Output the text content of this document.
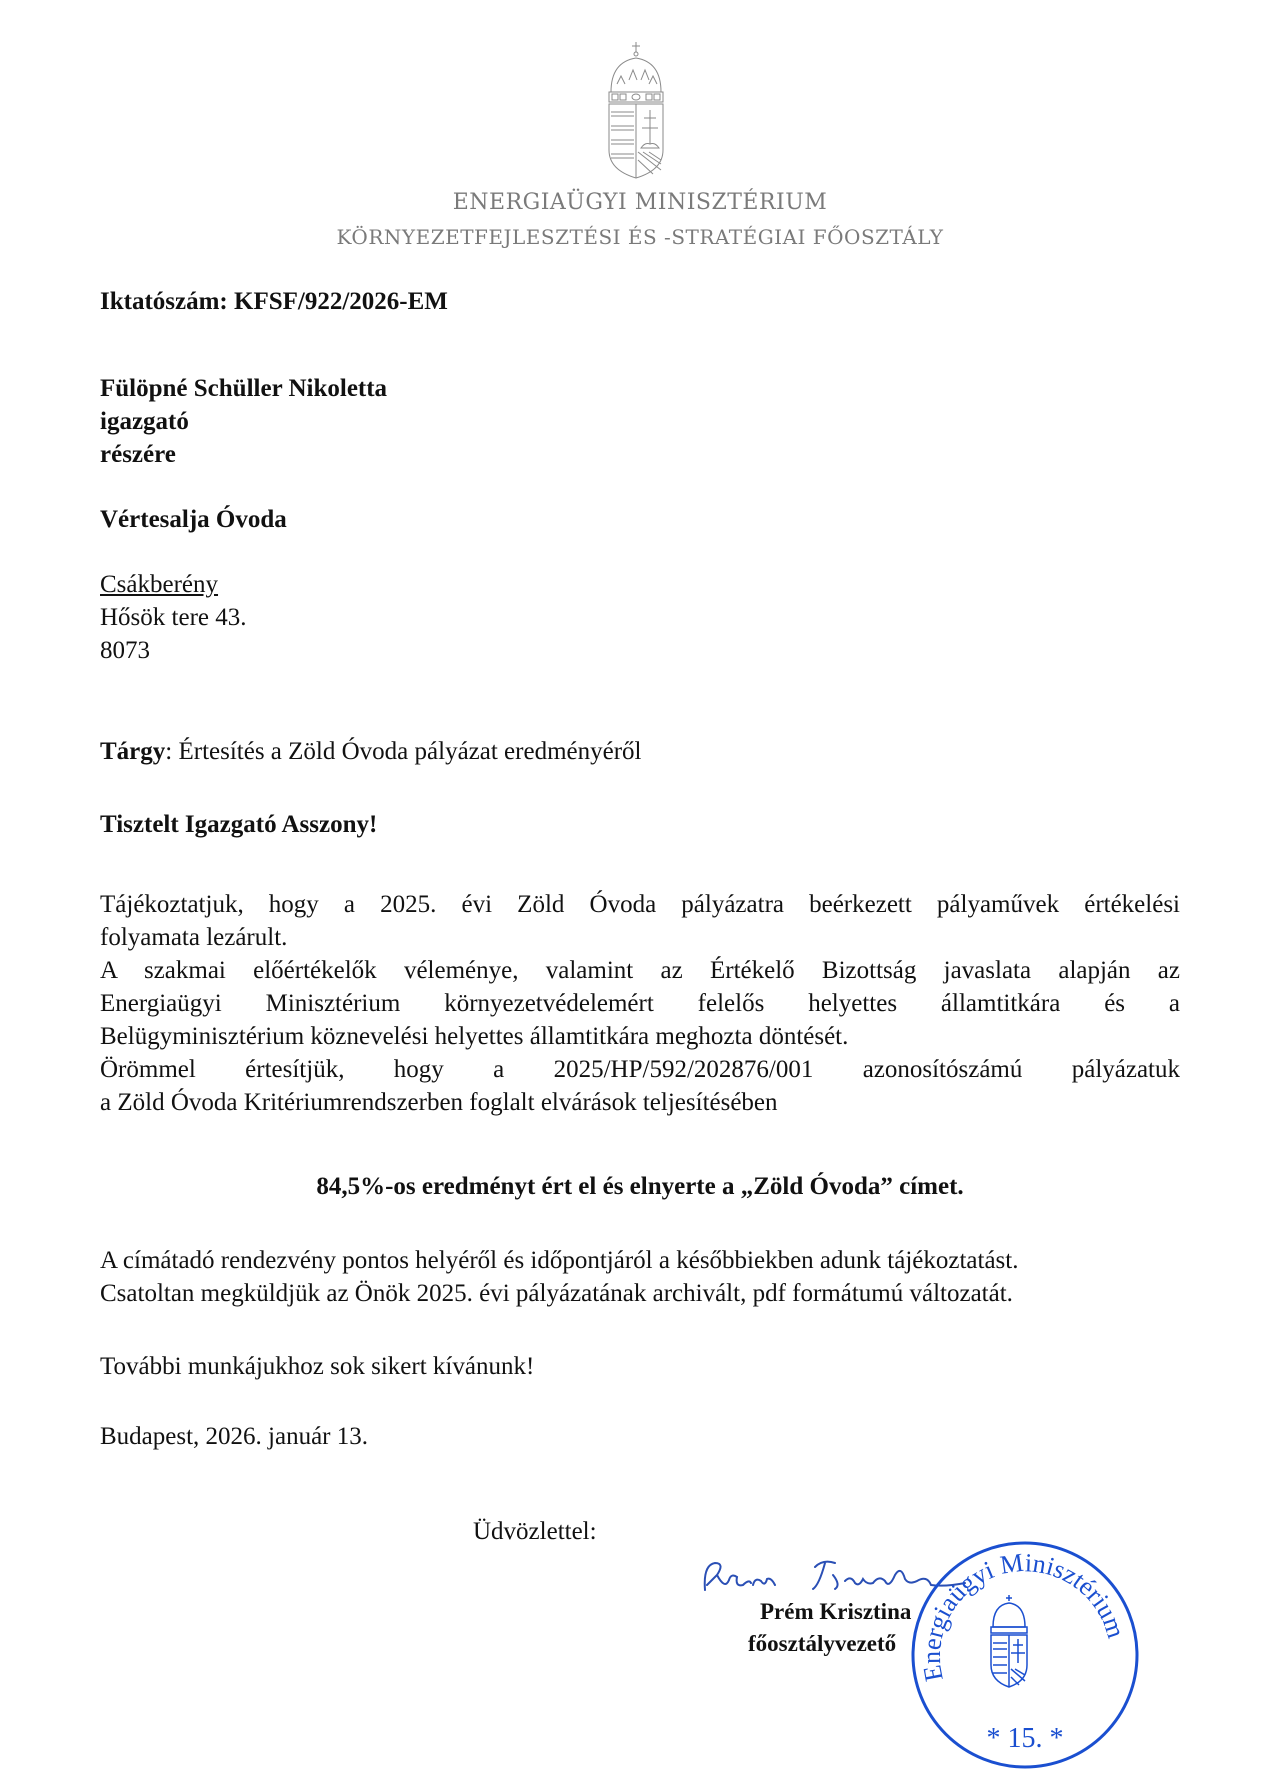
ENERGIAÜGYI MINISZTÉRIUM
KÖRNYEZETFEJLESZTÉSI ÉS -STRATÉGIAI FŐOSZTÁLY
Iktatószám: KFSF/922/2026-EM
Fülöpné Schüller Nikoletta
igazgató
részére
Vértesalja Óvoda
Csákberény
Hősök tere 43.
8073
Tárgy: Értesítés a Zöld Óvoda pályázat eredményéről
Tisztelt Igazgató Asszony!
Tájékoztatjuk, hogy a 2025. évi Zöld Óvoda pályázatra beérkezett pályaművek értékelési
folyamata lezárult.
A szakmai előértékelők véleménye, valamint az Értékelő Bizottság javaslata alapján az
Energiaügyi Minisztérium környezetvédelemért felelős helyettes államtitkára és a
Belügyminisztérium köznevelési helyettes államtitkára meghozta döntését.
Örömmel értesítjük, hogy a 2025/HP/592/202876/001 azonosítószámú pályázatuk
a Zöld Óvoda Kritériumrendszerben foglalt elvárások teljesítésében
84,5%-os eredményt ért el és elnyerte a „Zöld Óvoda” címet.
A címátadó rendezvény pontos helyéről és időpontjáról a későbbiekben adunk tájékoztatást.
Csatoltan megküldjük az Önök 2025. évi pályázatának archivált, pdf formátumú változatát.
További munkájukhoz sok sikert kívánunk!
Budapest, 2026. január 13.
Üdvözlettel:
Prém Krisztina
főosztályvezető
Energiaügyi Minisztérium
* 15. *
